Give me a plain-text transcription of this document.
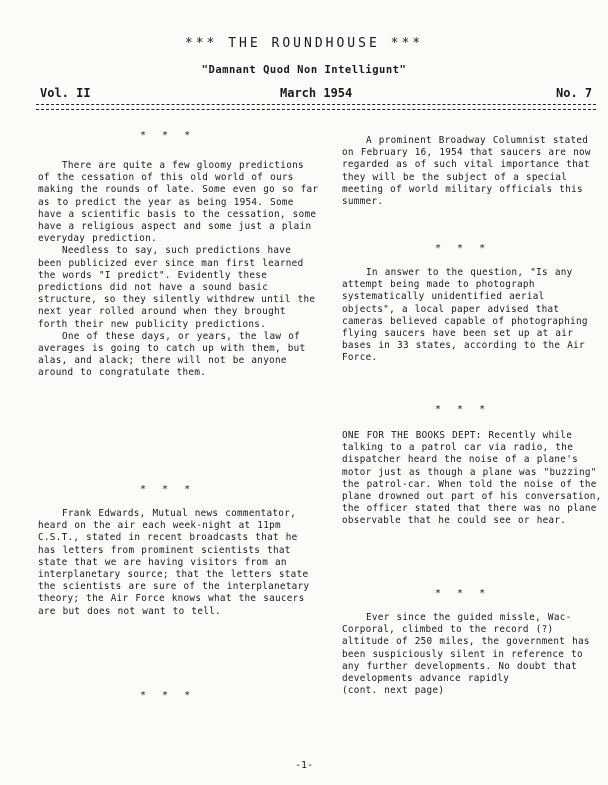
*** THE ROUNDHOUSE ***
"Damnant Quod Non Intelligunt"
Vol. II	March 1954	No. 7
* * *

There are quite a few gloomy predictions of the cessation of this old world of ours making the rounds of late. Some even go so far as to predict the year as being 1954. Some have a scientific basis to the cessation, some have a religious aspect and some just a plain everyday prediction.

Needless to say, such predictions have been publicized ever since man first learned the words "I predict". Evidently these predictions did not have a sound basic structure, so they silently withdrew until the next year rolled around when they brought forth their new publicity predictions.

One of these days, or years, the law of averages is going to catch up with them, but alas, and alack; there will not be anyone around to congratulate them.

* * *

Frank Edwards, Mutual news commentator, heard on the air each week-night at 11pm C.S.T., stated in recent broadcasts that he has letters from prominent scientists that state that we are having visitors from an interplanetary source; that the letters state the scientists are sure of the interplanetary theory; the Air Force knows what the saucers are but does not want to tell.

* * *

A prominent Broadway Columnist stated on February 16, 1954 that saucers are now regarded as of such vital importance that they will be the subject of a special meeting of world military officials this summer.

* * *

In answer to the question, "Is any attempt being made to photograph systematically unidentified aerial objects", a local paper advised that cameras believed capable of photographing flying saucers have been set up at air bases in 33 states, according to the Air Force.

* * *

ONE FOR THE BOOKS DEPT: Recently while talking to a patrol car via radio, the dispatcher heard the noise of a plane's motor just as though a plane was "buzzing" the patrol-car. When told the noise of the plane drowned out part of his conversation, the officer stated that there was no plane observable that he could see or hear.

* * *

Ever since the guided missle, Wac-Corporal, climbed to the record (?) altitude of 250 miles, the government has been suspiciously silent in reference to any further developments. No doubt that developments advance rapidly

(cont. next page)

-1-
